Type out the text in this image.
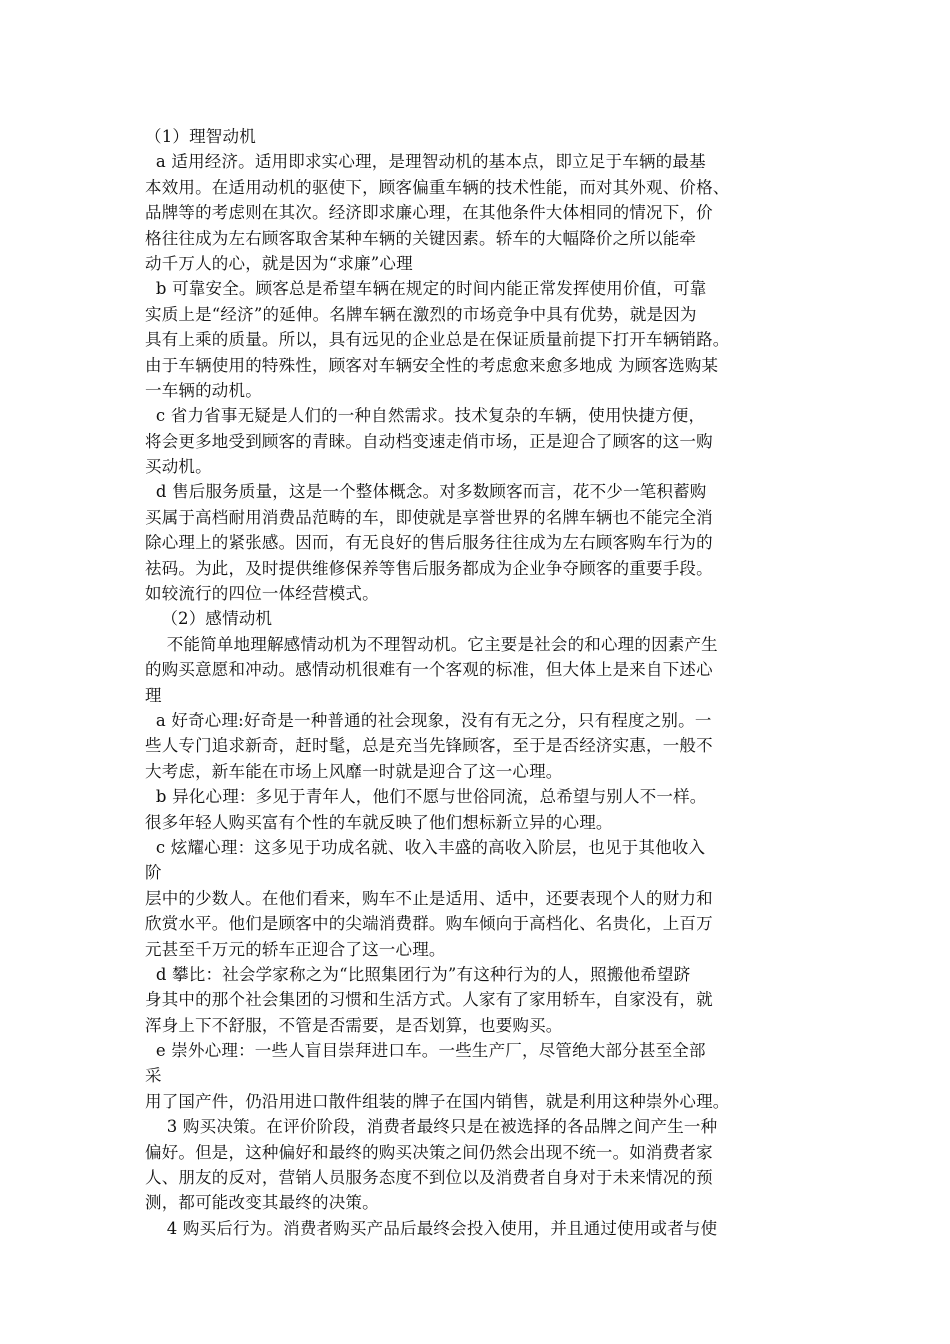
（1）理智动机
a 适用经济。适用即求实心理，是理智动机的基本点，即立足于车辆的最基
本效用。在适用动机的驱使下，顾客偏重车辆的技术性能，而对其外观、价格、
品牌等的考虑则在其次。经济即求廉心理，在其他条件大体相同的情况下，价
格往往成为左右顾客取舍某种车辆的关键因素。轿车的大幅降价之所以能牵
动千万人的心，就是因为“求廉”心理
b 可靠安全。顾客总是希望车辆在规定的时间内能正常发挥使用价值，可靠
实质上是“经济”的延伸。名牌车辆在激烈的市场竞争中具有优势，就是因为
具有上乘的质量。所以，具有远见的企业总是在保证质量前提下打开车辆销路。
由于车辆使用的特殊性，顾客对车辆安全性的考虑愈来愈多地成 为顾客选购某
一车辆的动机。
c 省力省事无疑是人们的一种自然需求。技术复杂的车辆，使用快捷方便，
将会更多地受到顾客的青睐。自动档变速走俏市场，正是迎合了顾客的这一购
买动机。
d 售后服务质量，这是一个整体概念。对多数顾客而言，花不少一笔积蓄购
买属于高档耐用消费品范畴的车，即使就是享誉世界的名牌车辆也不能完全消
除心理上的紧张感。因而，有无良好的售后服务往往成为左右顾客购车行为的
祛码。为此，及时提供维修保养等售后服务都成为企业争夺顾客的重要手段。
如较流行的四位一体经营模式。
（2）感情动机
不能简单地理解感情动机为不理智动机。它主要是社会的和心理的因素产生
的购买意愿和冲动。感情动机很难有一个客观的标准，但大体上是来自下述心
理
a 好奇心理:好奇是一种普通的社会现象，没有有无之分，只有程度之别。一
些人专门追求新奇，赶时髦，总是充当先锋顾客，至于是否经济实惠，一般不
大考虑，新车能在市场上风靡一时就是迎合了这一心理。
b 异化心理：多见于青年人，他们不愿与世俗同流，总希望与别人不一样。
很多年轻人购买富有个性的车就反映了他们想标新立异的心理。
c 炫耀心理：这多见于功成名就、收入丰盛的高收入阶层，也见于其他收入
阶
层中的少数人。在他们看来，购车不止是适用、适中，还要表现个人的财力和
欣赏水平。他们是顾客中的尖端消费群。购车倾向于高档化、名贵化，上百万
元甚至千万元的轿车正迎合了这一心理。
d 攀比：社会学家称之为“比照集团行为”有这种行为的人，照搬他希望跻
身其中的那个社会集团的习惯和生活方式。人家有了家用轿车，自家没有，就
浑身上下不舒服，不管是否需要，是否划算，也要购买。
e 崇外心理：一些人盲目崇拜进口车。一些生产厂，尽管绝大部分甚至全部
采
用了国产件，仍沿用进口散件组装的牌子在国内销售，就是利用这种崇外心理。
3 购买决策。在评价阶段，消费者最终只是在被选择的各品牌之间产生一种
偏好。但是，这种偏好和最终的购买决策之间仍然会出现不统一。如消费者家
人、朋友的反对，营销人员服务态度不到位以及消费者自身对于未来情况的预
测，都可能改变其最终的决策。
4 购买后行为。消费者购买产品后最终会投入使用，并且通过使用或者与使
